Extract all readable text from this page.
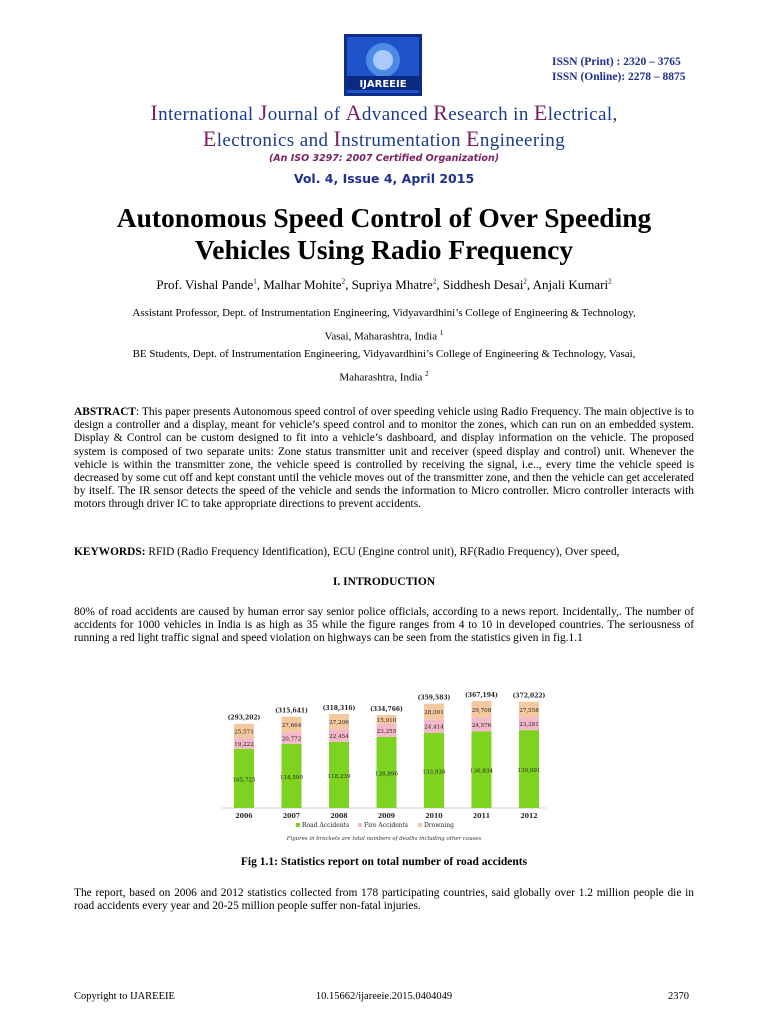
IJAREEIE
ISSN (Print) : 2320 – 3765
ISSN (Online): 2278 – 8875
International Journal of Advanced Research in Electrical,
Electronics and Instrumentation Engineering
(An ISO 3297: 2007 Certified Organization)
Vol. 4, Issue 4, April 2015
Autonomous Speed Control of Over Speeding
Vehicles Using Radio Frequency
Prof. Vishal Pande$^1$, Malhar Mohite$^2$, Supriya Mhatre$^2$, Siddhesh Desai$^2$, Anjali Kumari$^2$
Assistant Professor, Dept. of Instrumentation Engineering, Vidyavardhini’s College of Engineering & Technology,
Vasai, Maharashtra, India $^1$
BE Students, Dept. of Instrumentation Engineering, Vidyavardhini’s College of Engineering & Technology, Vasai,
Maharashtra, India $^2$
ABSTRACT: This paper presents Autonomous speed control of over speeding vehicle using Radio Frequency. The main objective is to design a controller and a display, meant for vehicle’s speed control and to monitor the zones, which can run on an embedded system. Display & Control can be custom designed to fit into a vehicle’s dashboard, and display information on the vehicle. The proposed system is composed of two separate units: Zone status transmitter unit and receiver (speed display and control) unit. Whenever the vehicle is within the transmitter zone, the vehicle speed is controlled by receiving the signal, i.e.., every time the vehicle speed is decreased by some cut off and kept constant until the vehicle moves out of the transmitter zone, and then the vehicle can get accelerated by itself. The IR sensor detects the speed of the vehicle and sends the information to Micro controller. Micro controller interacts with motors through driver IC to take appropriate directions to prevent accidents.
KEYWORDS: RFID (Radio Frequency Identification), ECU (Engine control unit), RF(Radio Frequency), Over speed,
I. INTRODUCTION
80% of road accidents are caused by human error say senior police officials, according to a news report. Incidentally,. The number of accidents for 1000 vehicles in India is as high as 35 while the figure ranges from 4 to 10 in developed countries. The seriousness of running a red light traffic signal and speed violation on highways can be seen from the statistics given in fig.1.1
105,725
19,222
25,571
(293,202)
2006
114,590
20,772
27,664
(315,641)
2007
118,239
22,454
27,206
(318,316)
2008
126,896
23,255
15,910
(334,766)
2009
133,938
24,414
28,001
(359,583)
2010
136,834
24,576
29,708
(367,194)
2011
139,091
23,281
27,558
(372,022)
2012
Road Accidents Fire Accidents	Drowning
Figures in brackets are total numbers of deaths including other causes
Fig 1.1: Statistics report on total number of road accidents
The report, based on 2006 and 2012 statistics collected from 178 participating countries, said globally over 1.2 million people die in road accidents every year and 20-25 million people suffer non-fatal injuries.
Copyright to IJAREEIE	10.15662/ijareeie.2015.0404049	2370
